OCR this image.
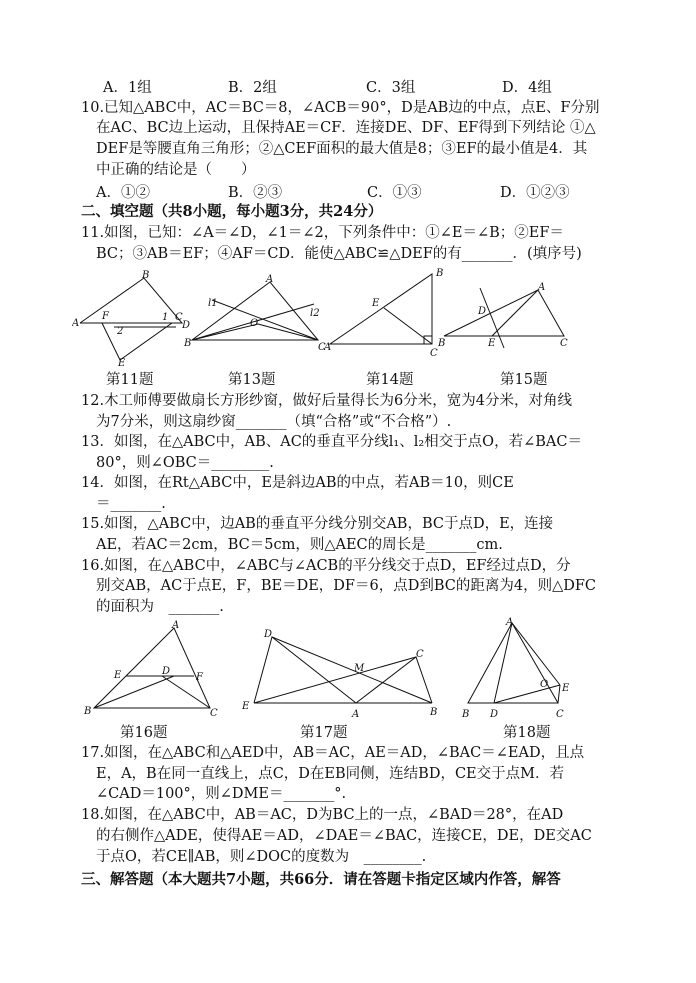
A．1组	B．2组	C．3组	D．4组
10.已知△ABC中，AC＝BC＝8，∠ACB＝90°，D是AB边的中点，点E、F分别
在AC、BC边上运动，且保持AE＝CF．连接DE、DF、EF得到下列结论 ①△
DEF是等腰直角三角形；②△CEF面积的最大值是8；③EF的最小值是4．其
中正确的结论是（　　）
A．①②	B．②③	C．①③	D．①②③
二、填空题（共8小题，每小题3分，共24分）
11.如图，已知：∠A＝∠D，∠1＝∠2，下列条件中：①∠E＝∠B；②EF＝
BC；③AB＝EF；④AF＝CD．能使△ABC≌△DEF的有_______．(填序号)
B
F	1 C
A
2
E
D
A
l1
l2
O
B	C
B
E
A
C
A
D
B	E	C
第11题	第13题	第14题	第15题
12.木工师傅要做扇长方形纱窗，做好后量得长为6分米，宽为4分米，对角线
为7分米，则这扇纱窗_______（填“合格”或“不合格”）.
13．如图，在△ABC中，AB、AC的垂直平分线l₁、l₂相交于点O，若∠BAC＝
80°，则∠OBC＝________.
14．如图，在Rt△ABC中，E是斜边AB的中点，若AB＝10，则CE
＝_______.
15.如图，△ABC中，边AB的垂直平分线分别交AB，BC于点D，E，连接
AE，若AC＝2cm，BC＝5cm，则△AEC的周长是_______cm.
16.如图，在△ABC中，∠ABC与∠ACB的平分线交于点D，EF经过点D，分
别交AB，AC于点E，F，BE＝DE，DF＝6，点D到BC的距离为4，则△DFC
的面积为　_______.
A
E	D
F
B	C
D
C
M
E
A	B
A
O E
B D	C
第16题	第17题	第18题
17.如图，在△ABC和△AED中，AB＝AC，AE＝AD，∠BAC＝∠EAD，且点
E，A，B在同一直线上，点C，D在EB同侧，连结BD，CE交于点M．若
∠CAD＝100°，则∠DME＝_______°.
18.如图，在△ABC中，AB＝AC，D为BC上的一点，∠BAD＝28°，在AD
的右侧作△ADE，使得AE＝AD，∠DAE＝∠BAC，连接CE，DE，DE交AC
于点O，若CE∥AB，则∠DOC的度数为　________.
三、解答题（本大题共7小题，共66分．请在答题卡指定区域内作答，解答
